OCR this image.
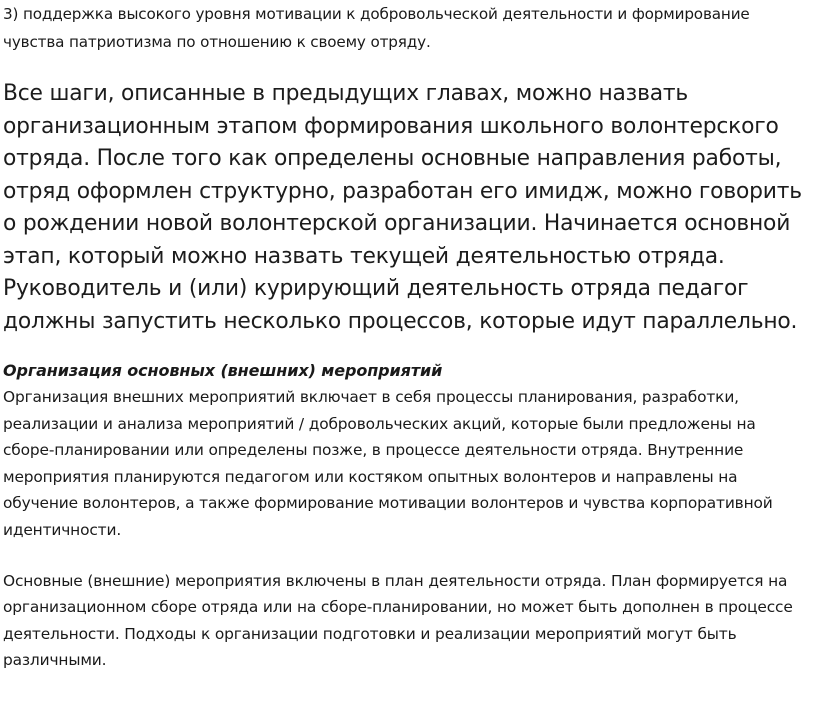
3) поддержка высокого уровня мотивации к добровольческой деятельности и формирование чувства патриотизма по отношению к своему отряду.

Все шаги, описанные в предыдущих главах, можно назвать организационным этапом формирования школьного волонтерского отряда. После того как определены основные направления работы, отряд оформлен структурно, разработан его имидж, можно говорить о рождении новой волонтерской организации. Начинается основной этап, который можно назвать текущей деятельностью отряда. Руководитель и (или) курирующий деятельность отряда педагог должны запустить несколько процессов, которые идут параллельно.

Организация основных (внешних) мероприятий

Организация внешних мероприятий включает в себя процессы планирования, разработки, реализации и анализа мероприятий / добровольческих акций, которые были предложены на сборе-планировании или определены позже, в процессе деятельности отряда. Внутренние мероприятия планируются педагогом или костяком опытных волонтеров и направлены на обучение волонтеров, а также формирование мотивации волонтеров и чувства корпоративной идентичности.

Основные (внешние) мероприятия включены в план деятельности отряда. План формируется на организационном сборе отряда или на сборе-планировании, но может быть дополнен в процессе деятельности. Подходы к организации подготовки и реализации мероприятий могут быть различными.
